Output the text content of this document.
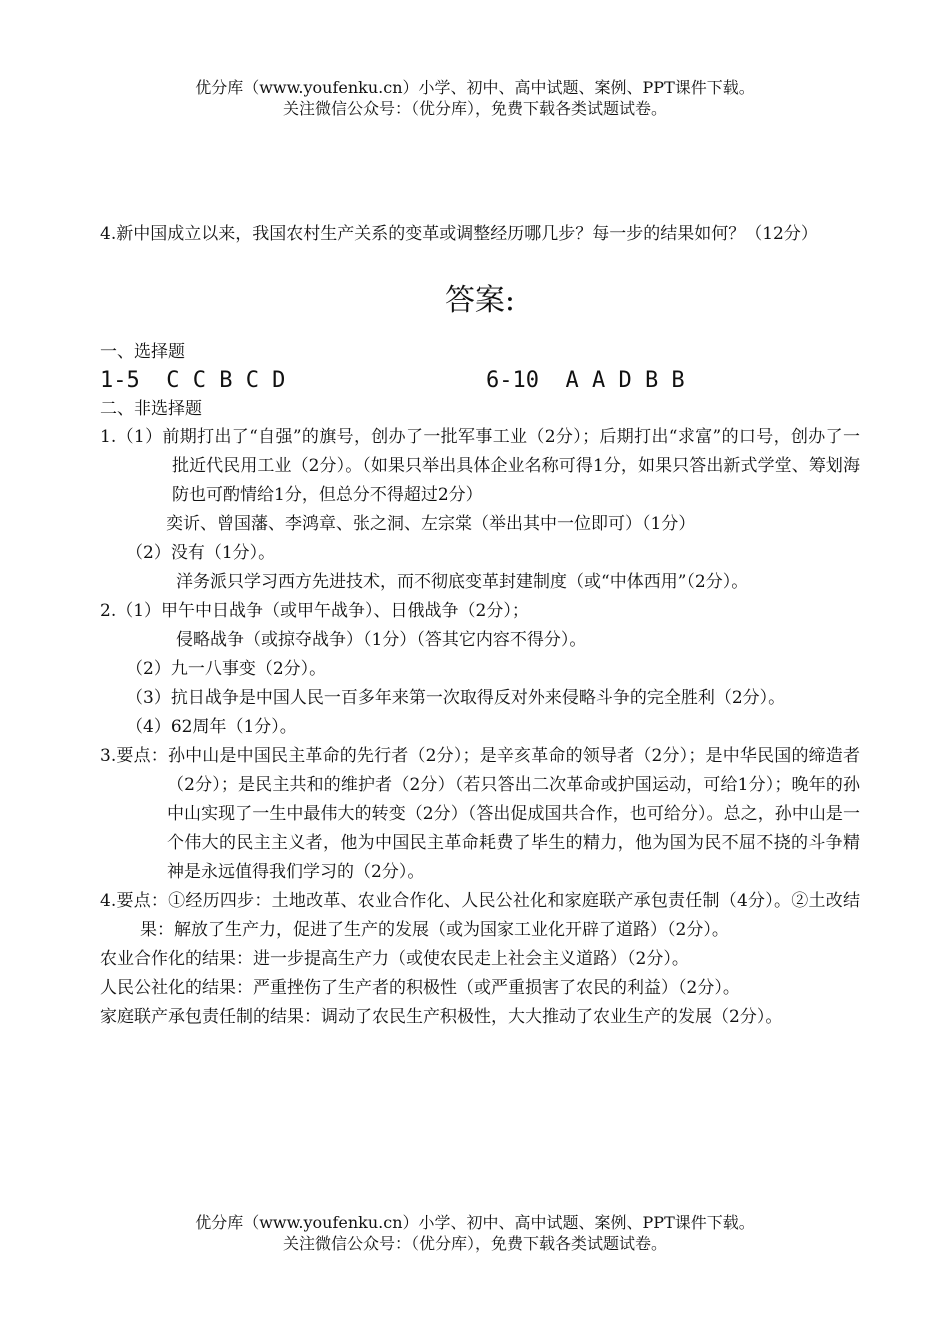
优分库（www.youfenku.cn）小学、初中、高中试题、案例、PPT课件下载。
关注微信公众号：（优分库），免费下载各类试题试卷。

4.新中国成立以来，我国农村生产关系的变革或调整经历哪几步？每一步的结果如何？（12分）

答案:
一、选择题
1-5  C C B C D	6-10  A A D B B
二、非选择题

1.（1）前期打出了“自强”的旗号，创办了一批军事工业（2分）；后期打出“求富”的口号，创办了一批近代民用工业（2分）。（如果只举出具体企业名称可得1分，如果只答出新式学堂、筹划海防也可酌情给1分，但总分不得超过2分）

奕䜣、曾国藩、李鸿章、张之洞、左宗棠（举出其中一位即可）（1分）

（2）没有（1分）。

洋务派只学习西方先进技术，而不彻底变革封建制度（或“中体西用”（2分）。

2.（1）甲午中日战争（或甲午战争）、日俄战争（2分）；

侵略战争（或掠夺战争）（1分）（答其它内容不得分）。

（2）九一八事变（2分）。

（3）抗日战争是中国人民一百多年来第一次取得反对外来侵略斗争的完全胜利（2分）。

（4）62周年（1分）。

3.要点：孙中山是中国民主革命的先行者（2分）；是辛亥革命的领导者（2分）；是中华民国的缔造者（2分）；是民主共和的维护者（2分）（若只答出二次革命或护国运动，可给1分）；晚年的孙中山实现了一生中最伟大的转变（2分）（答出促成国共合作，也可给分）。总之，孙中山是一个伟大的民主主义者，他为中国民主革命耗费了毕生的精力，他为国为民不屈不挠的斗争精神是永远值得我们学习的（2分）。

4.要点：①经历四步：土地改革、农业合作化、人民公社化和家庭联产承包责任制（4分）。②土改结果：解放了生产力，促进了生产的发展（或为国家工业化开辟了道路）（2分）。

农业合作化的结果：进一步提高生产力（或使农民走上社会主义道路）（2分）。

人民公社化的结果：严重挫伤了生产者的积极性（或严重损害了农民的利益）（2分）。

家庭联产承包责任制的结果：调动了农民生产积极性，大大推动了农业生产的发展（2分）。

优分库（www.youfenku.cn）小学、初中、高中试题、案例、PPT课件下载。
关注微信公众号：（优分库），免费下载各类试题试卷。
